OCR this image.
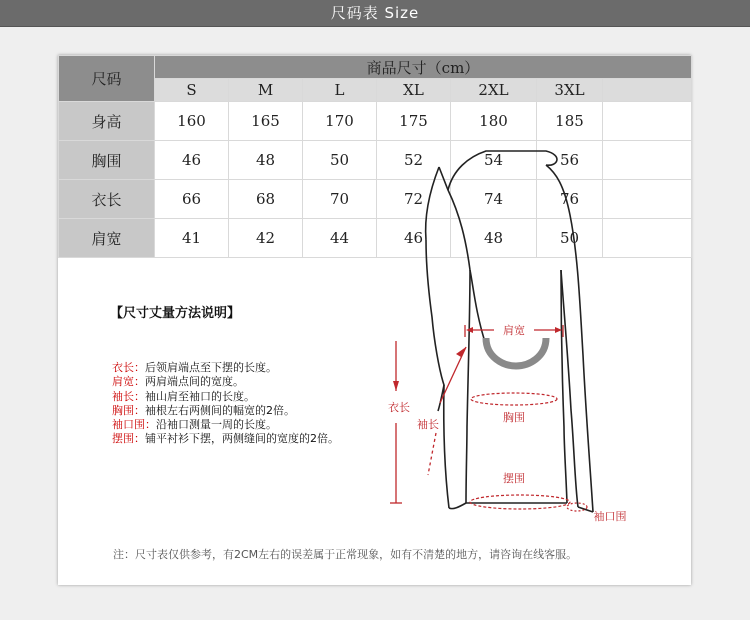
尺码表 Size
尺码	商品尺寸（cm）						
	S	M	L	XL	2XL	3XL	
身高	160	165	170	175	180	185	
胸围	46	48	50	52	54	56	
衣长	66	68	70	72	74	76	
肩宽	41	42	44	46	48	50	
【尺寸丈量方法说明】
衣长：后领肩端点至下摆的长度。
肩宽：两肩端点间的宽度。
袖长：袖山肩至袖口的长度。
胸围：袖根左右两侧间的幅宽的2倍。
袖口围：沿袖口测量一周的长度。
摆围：铺平衬衫下摆，两侧缝间的宽度的2倍。
肩宽
衣长
袖长
胸围
摆围
袖口围
注：尺寸表仅供参考，有2CM左右的误差属于正常现象，如有不清楚的地方，请咨询在线客服。
